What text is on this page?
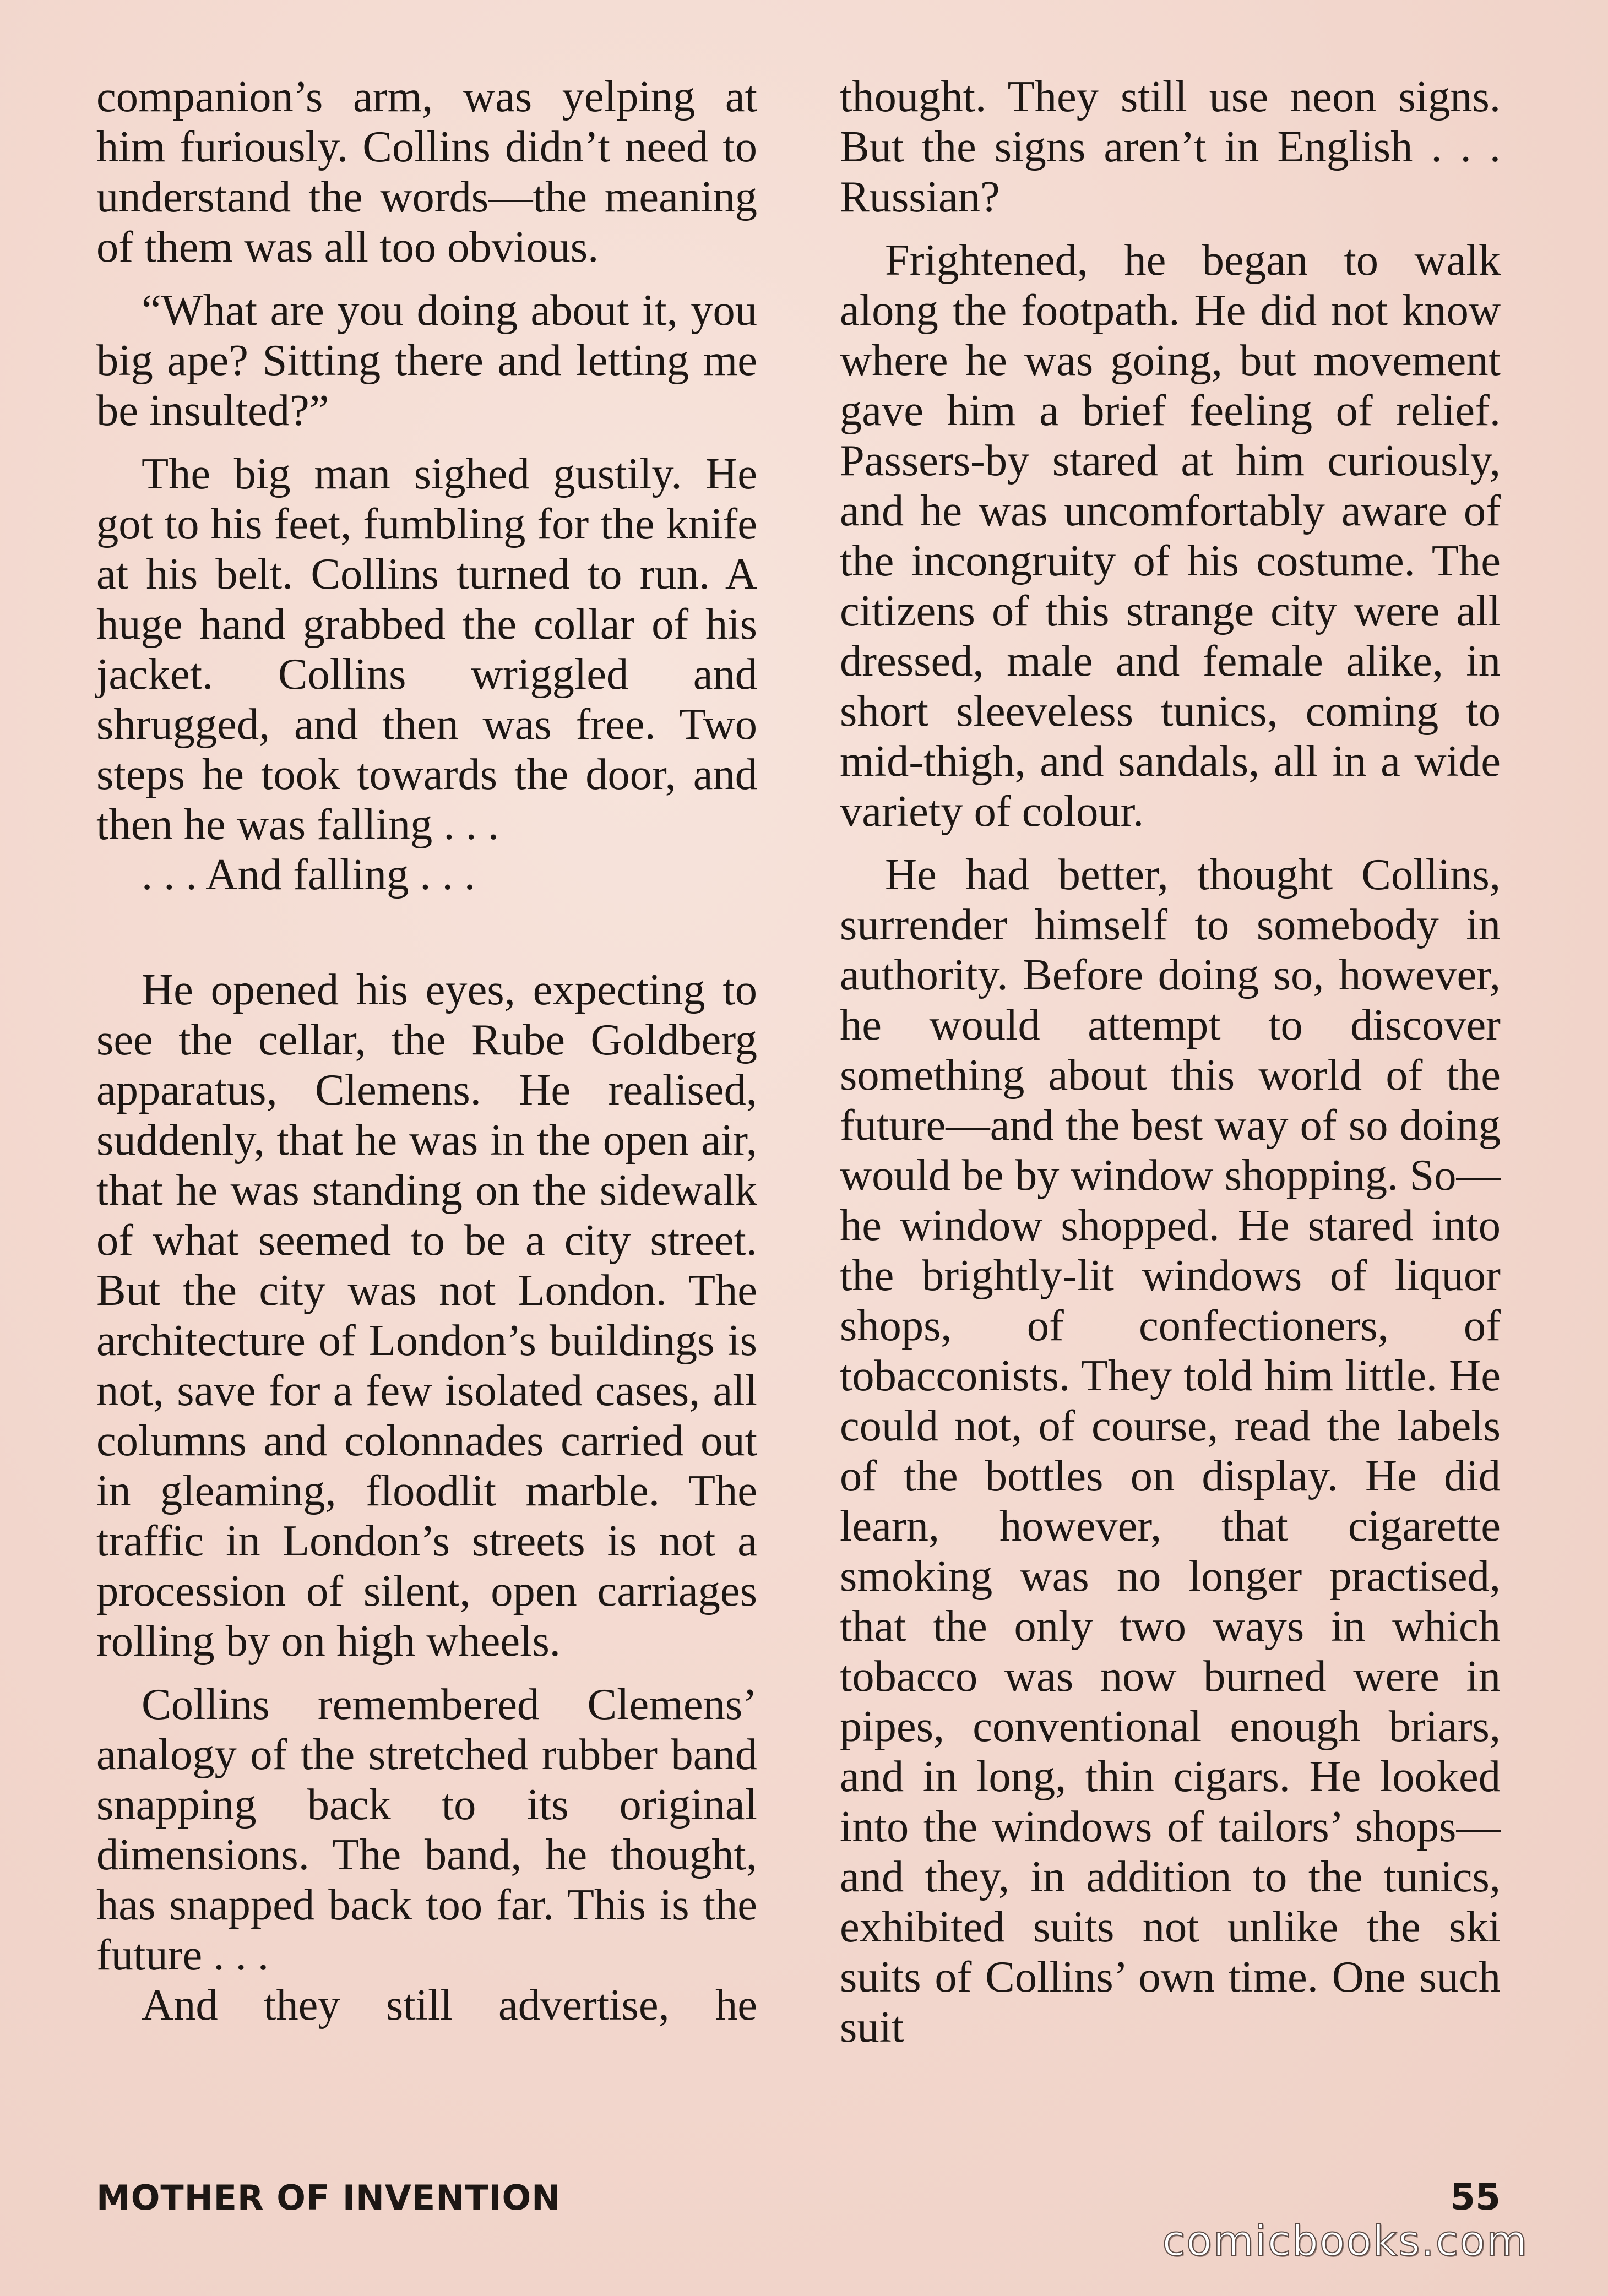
companion’s arm, was yelping at him furiously. Collins didn’t need to understand the words—the meaning of them was all too obvious.

“What are you doing about it, you big ape? Sitting there and letting me be insulted?”

The big man sighed gustily. He got to his feet, fumbling for the knife at his belt. Collins turned to run. A huge hand grabbed the collar of his jacket. Collins wriggled and shrugged, and then was free. Two steps he took towards the door, and then he was falling . . .

. . . And falling . . .

He opened his eyes, expecting to see the cellar, the Rube Goldberg apparatus, Clemens. He realised, suddenly, that he was in the open air, that he was standing on the sidewalk of what seemed to be a city street. But the city was not London. The architecture of London’s buildings is not, save for a few isolated cases, all columns and colonnades carried out in gleaming, floodlit marble. The traffic in London’s streets is not a procession of silent, open carriages rolling by on high wheels.

Collins remembered Clemens’ analogy of the stretched rubber band snapping back to its original dimensions. The band, he thought, has snapped back too far. This is the future . . .

And they still advertise, he

thought. They still use neon signs. But the signs aren’t in English . . . Russian?

Frightened, he began to walk along the footpath. He did not know where he was going, but movement gave him a brief feeling of relief. Passers-by stared at him curiously, and he was uncomfortably aware of the incongruity of his costume. The citizens of this strange city were all dressed, male and female alike, in short sleeveless tunics, coming to mid-thigh, and sandals, all in a wide variety of colour.

He had better, thought Collins, surrender himself to somebody in authority. Before doing so, however, he would attempt to discover something about this world of the future—and the best way of so doing would be by window shopping. So—he window shopped. He stared into the brightly-lit windows of liquor shops, of confectioners, of tobacconists. They told him little. He could not, of course, read the labels of the bottles on display. He did learn, however, that cigarette smoking was no longer practised, that the only two ways in which tobacco was now burned were in pipes, conventional enough briars, and in long, thin cigars. He looked into the windows of tailors’ shops—and they, in addition to the tunics, exhibited suits not unlike the ski suits of Collins’ own time. One such suit

MOTHER OF INVENTION	55
comicbooks.com
